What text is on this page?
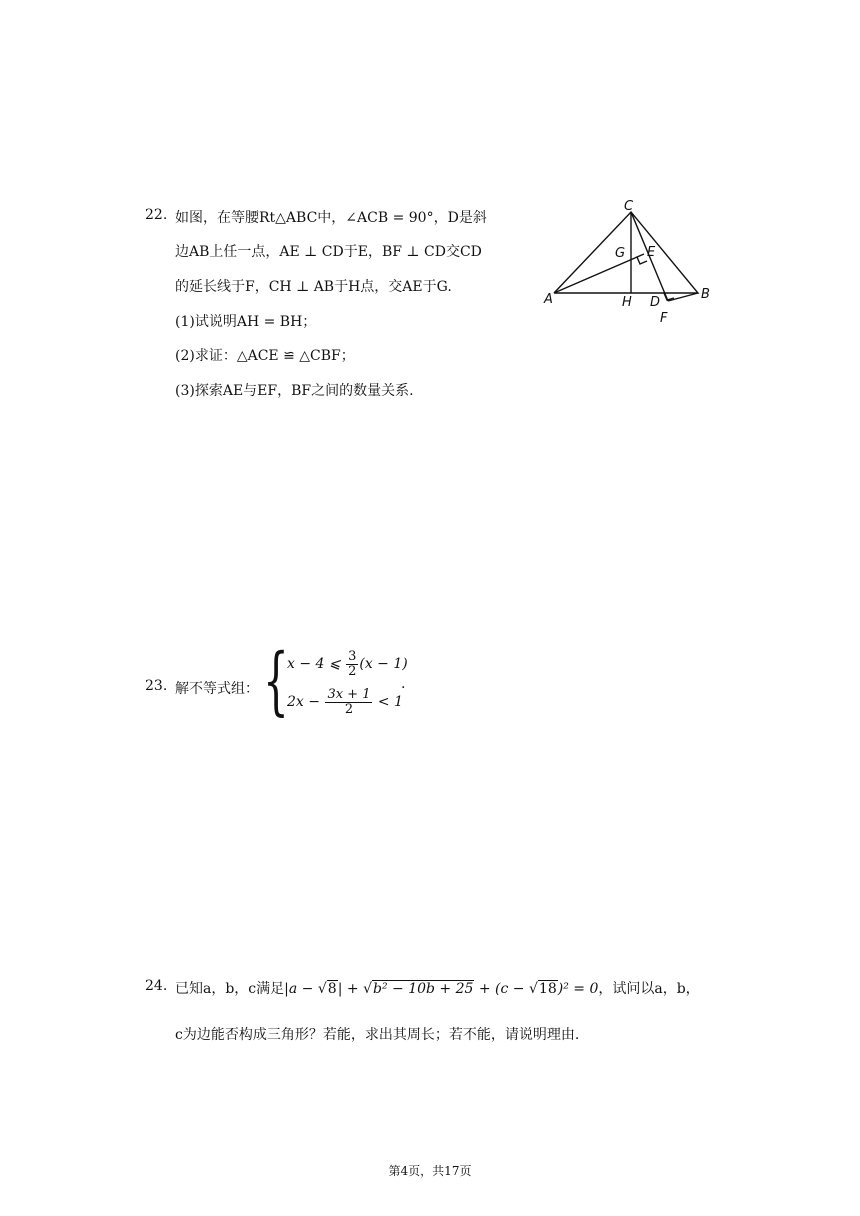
22. 如图，在等腰Rt△ABC中，∠ACB = 90°，D是斜
边AB上任一点，AE ⊥ CD于E，BF ⊥ CD交CD
的延长线于F，CH ⊥ AB于H点，交AE于G.
(1)试说明AH = BH；
(2)求证：△ACE ≌ △CBF；
(3)探索AE与EF，BF之间的数量关系.
C
G E
A	H D
B
F
23. 解不等式组： {
x − 4 ⩽ $\frac{3}{2} (x - 1)$
$2x - \frac{3x + 1}{2} < 1$
.
24. 已知a，b，c满足|a − √8| + √b² − 10b + 25 + (c − √18)² = 0，试问以a，b，
c为边能否构成三角形？若能，求出其周长；若不能，请说明理由.
第4页，共17页
